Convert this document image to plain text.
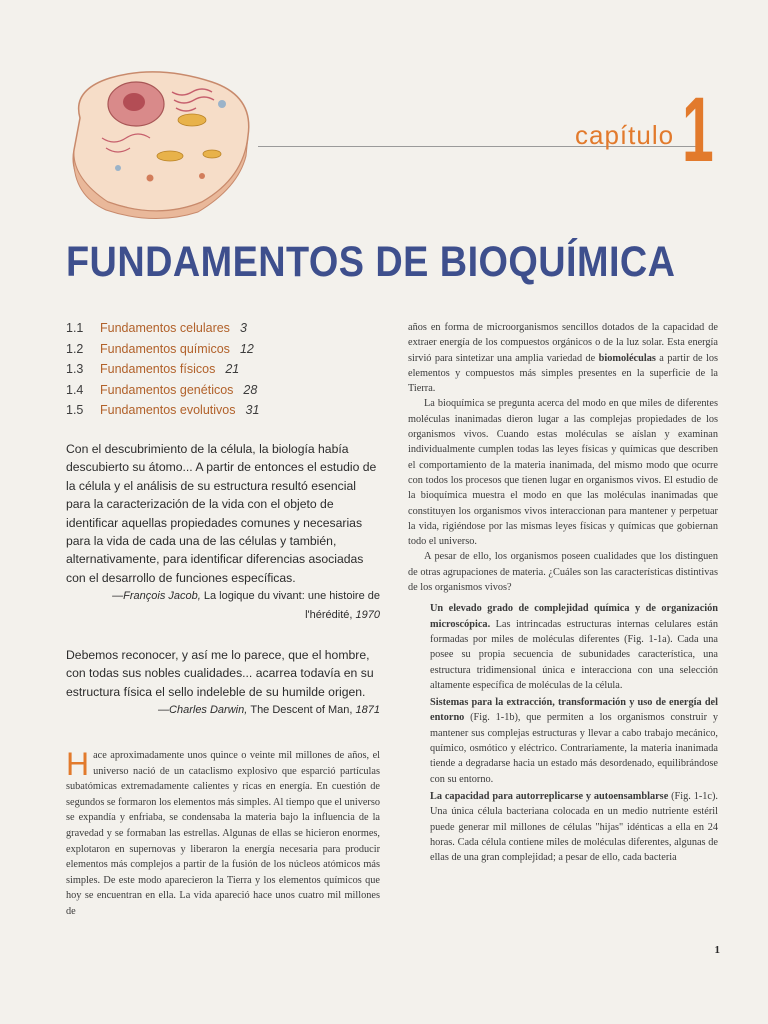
capítulo 1
FUNDAMENTOS DE BIOQUÍMICA
1.1	Fundamentos celulares 3
1.2	Fundamentos químicos 12
1.3	Fundamentos físicos 21
1.4	Fundamentos genéticos 28
1.5	Fundamentos evolutivos 31
Con el descubrimiento de la célula, la biología había descubierto su átomo... A partir de entonces el estudio de la célula y el análisis de su estructura resultó esencial para la caracterización de la vida con el objeto de identificar aquellas propiedades comunes y necesarias para la vida de cada una de las células y también, alternativamente, para identificar diferencias asociadas con el desarrollo de funciones específicas.
—François Jacob, La logique du vivant: une histoire de l'hérédité, 1970
Debemos reconocer, y así me lo parece, que el hombre, con todas sus nobles cualidades... acarrea todavía en su estructura física el sello indeleble de su humilde origen.
—Charles Darwin, The Descent of Man, 1871
H ace aproximadamente unos quince o veinte mil millones de años, el universo nació de un cataclismo explosivo que esparció partículas subatómicas extremadamente calientes y ricas en energía. En cuestión de segundos se formaron los elementos más simples. Al tiempo que el universo se expandía y enfriaba, se condensaba la materia bajo la influencia de la gravedad y se formaban las estrellas. Algunas de ellas se hicieron enormes, explotaron en supernovas y liberaron la energía necesaria para producir elementos más complejos a partir de la fusión de los núcleos atómicos más simples. De este modo aparecieron la Tierra y los elementos químicos que hoy se encuentran en ella. La vida apareció hace unos cuatro mil millones de

años en forma de microorganismos sencillos dotados de la capacidad de extraer energía de los compuestos orgánicos o de la luz solar. Esta energía sirvió para sintetizar una amplia variedad de biomoléculas a partir de los elementos y compuestos más simples presentes en la superficie de la Tierra.

La bioquímica se pregunta acerca del modo en que miles de diferentes moléculas inanimadas dieron lugar a las complejas propiedades de los organismos vivos. Cuando estas moléculas se aíslan y examinan individualmente cumplen todas las leyes físicas y químicas que describen el comportamiento de la materia inanimada, del mismo modo que ocurre con todos los procesos que tienen lugar en organismos vivos. El estudio de la bioquímica muestra el modo en que las moléculas inanimadas que constituyen los organismos vivos interaccionan para mantener y perpetuar la vida, rigiéndose por las mismas leyes físicas y químicas que gobiernan todo el universo.

A pesar de ello, los organismos poseen cualidades que los distinguen de otras agrupaciones de materia. ¿Cuáles son las características distintivas de los organismos vivos?

Un elevado grado de complejidad química y de organización microscópica. Las intrincadas estructuras internas celulares están formadas por miles de moléculas diferentes (Fig. 1-1a). Cada una posee su propia secuencia de subunidades característica, una estructura tridimensional única e interacciona con una selección altamente específica de moléculas de la célula.

Sistemas para la extracción, transformación y uso de energía del entorno (Fig. 1-1b), que permiten a los organismos construir y mantener sus complejas estructuras y llevar a cabo trabajo mecánico, químico, osmótico y eléctrico. Contrariamente, la materia inanimada tiende a degradarse hacia un estado más desordenado, equilibrándose con su entorno.

La capacidad para autorreplicarse y autoensamblarse (Fig. 1-1c). Una única célula bacteriana colocada en un medio nutriente estéril puede generar mil millones de células "hijas" idénticas a ella en 24 horas. Cada célula contiene miles de moléculas diferentes, algunas de ellas de una gran complejidad; a pesar de ello, cada bacteria

1
